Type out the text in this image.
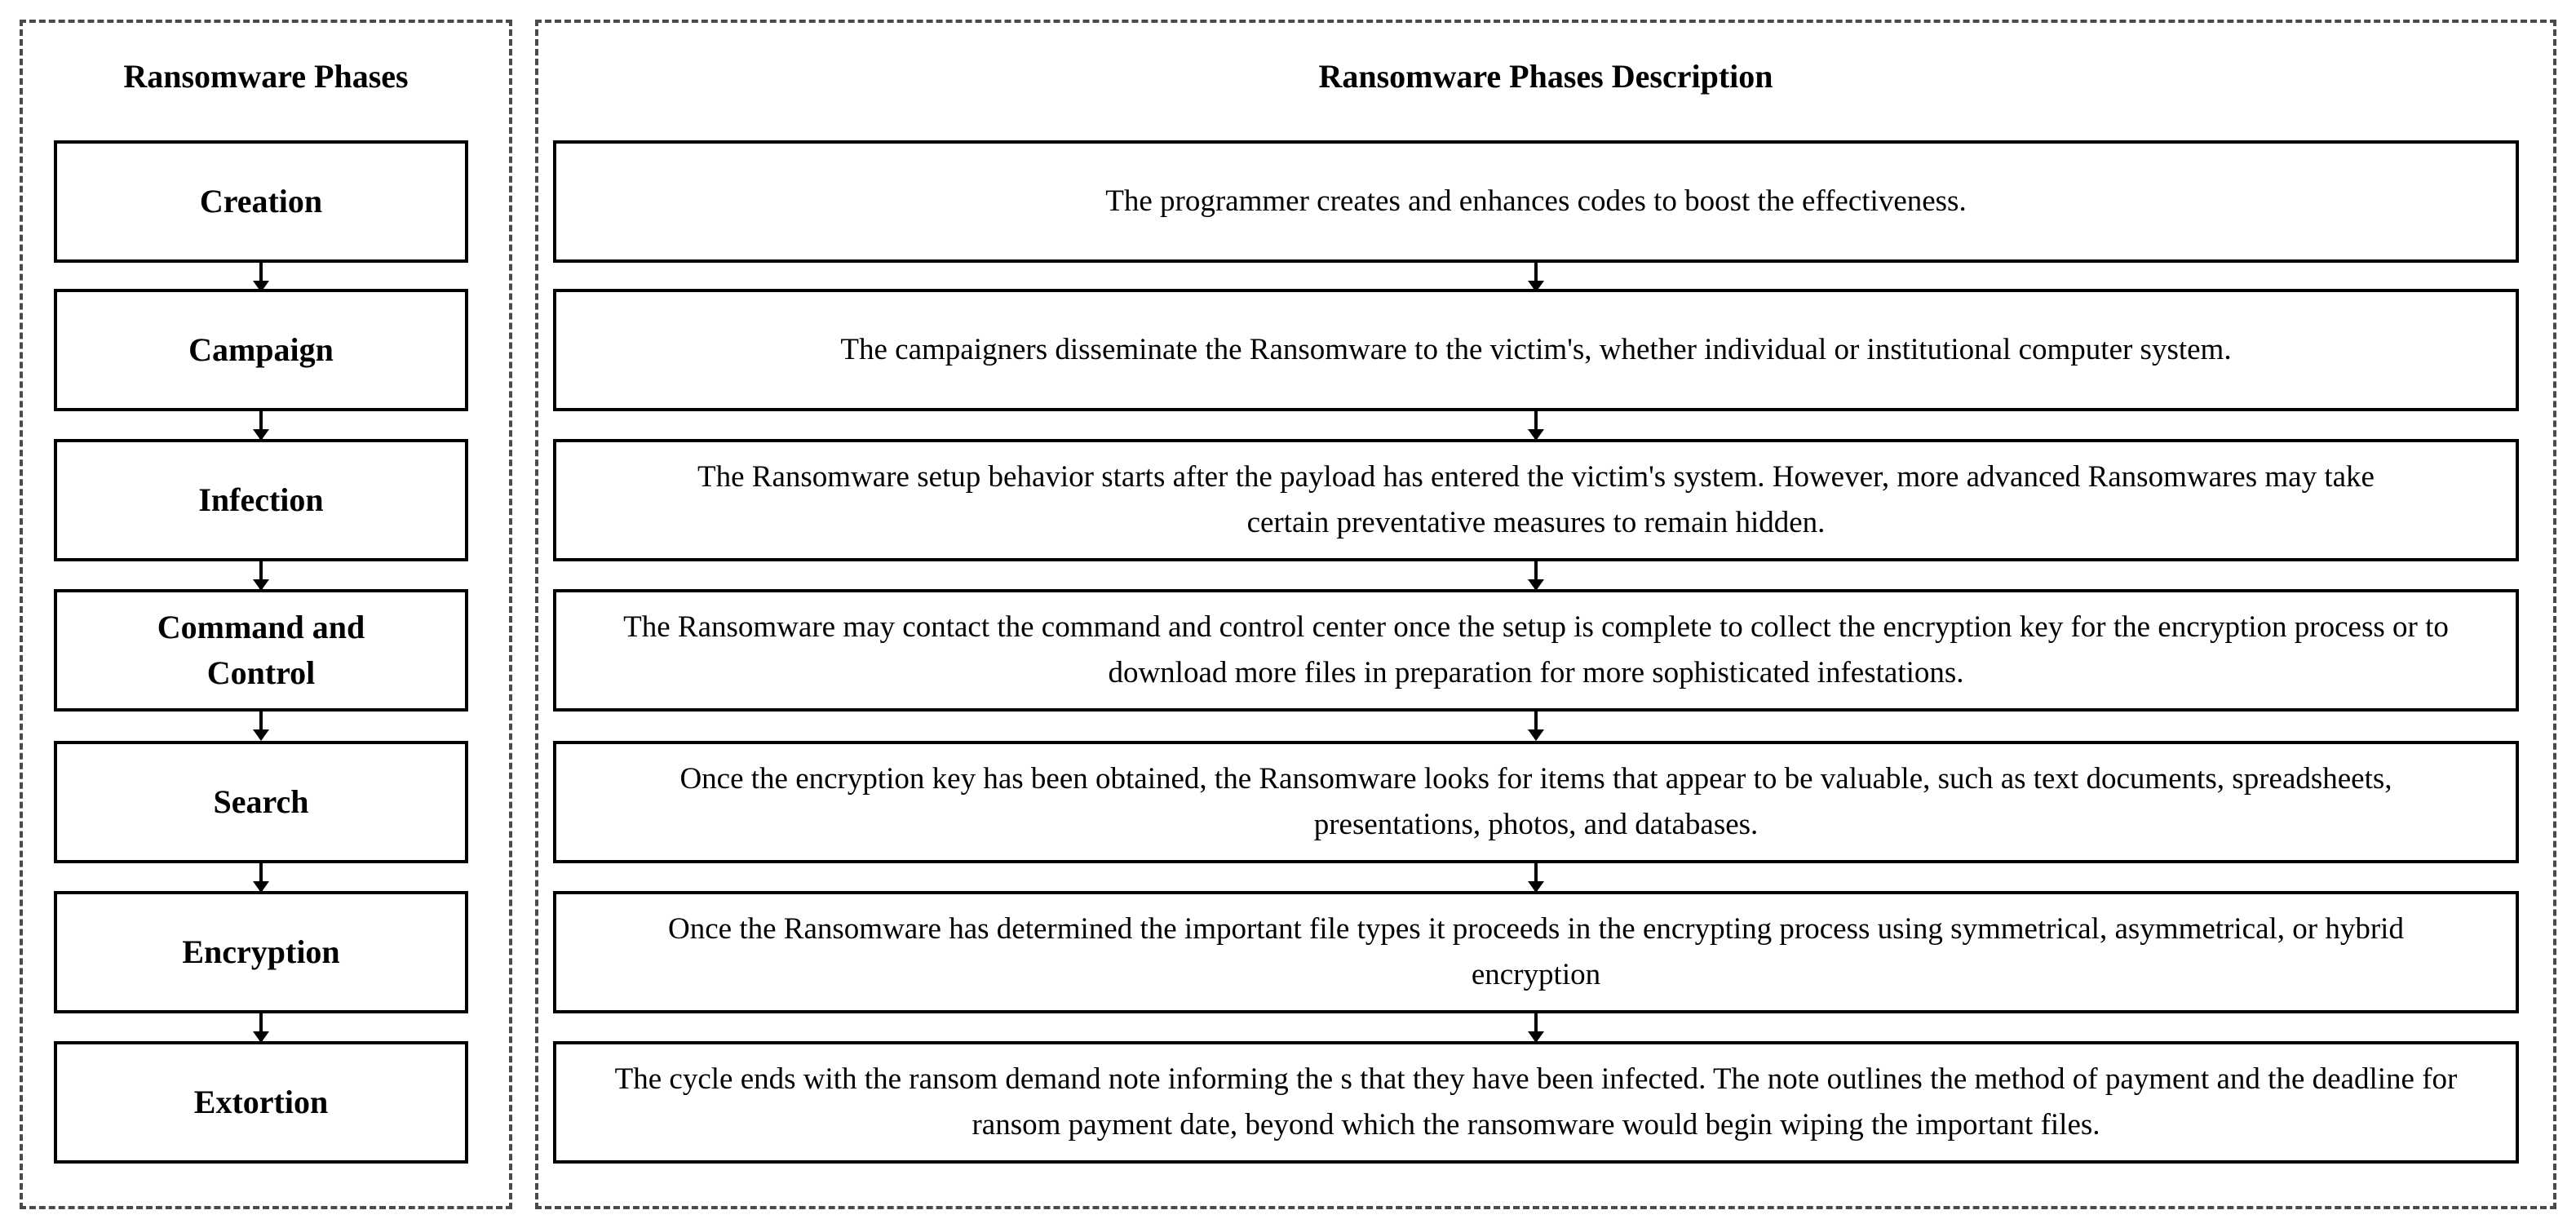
Ransomware Phases	Ransomware Phases Description
Creation
Campaign
Infection
Command and Control
Search
Encryption
Extortion
The programmer creates and enhances codes to boost the effectiveness.
The campaigners disseminate the Ransomware to the victim's, whether individual or institutional computer system.
The Ransomware setup behavior starts after the payload has entered the victim's system. However, more advanced Ransomwares may take certain preventative measures to remain hidden.
The Ransomware may contact the command and control center once the setup is complete to collect the encryption key for the encryption process or to download more files in preparation for more sophisticated infestations.
Once the encryption key has been obtained, the Ransomware looks for items that appear to be valuable, such as text documents, spreadsheets, presentations, photos, and databases.
Once the Ransomware has determined the important file types it proceeds in the encrypting process using symmetrical, asymmetrical, or hybrid encryption
The cycle ends with the ransom demand note informing the s that they have been infected. The note outlines the method of payment and the deadline for ransom payment date, beyond which the ransomware would begin wiping the important files.
